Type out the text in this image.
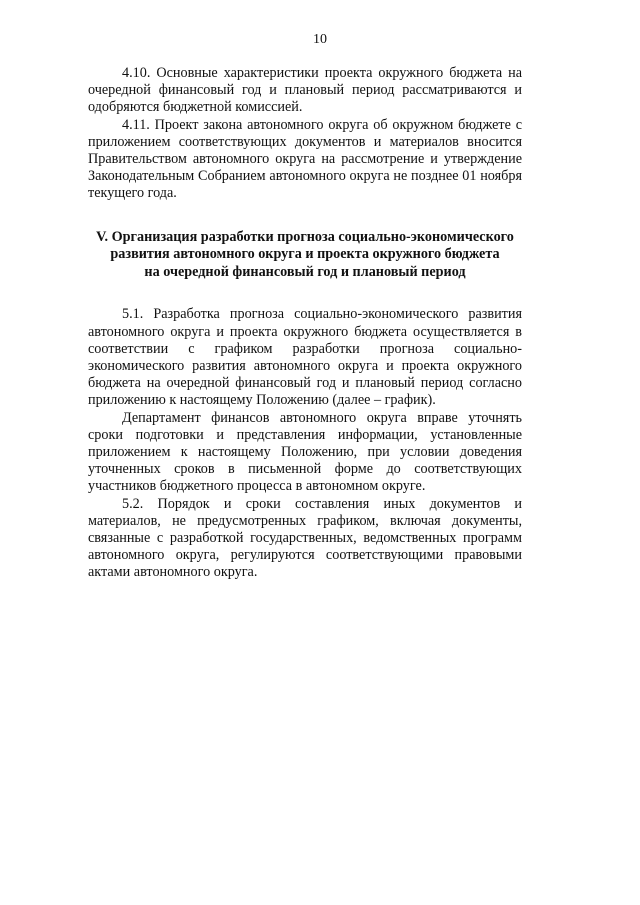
10

4.10. Основные характеристики проекта окружного бюджета на очередной финансовый год и плановый период рассматриваются и одобряются бюджетной комиссией.

4.11. Проект закона автономного округа об окружном бюджете с приложением соответствующих документов и материалов вносится Правительством автономного округа на рассмотрение и утверждение Законодательным Собранием автономного округа не позднее 01 ноября текущего года.

V. Организация разработки прогноза социально-экономического
развития автономного округа и проекта окружного бюджета
на очередной финансовый год и плановый период

5.1. Разработка прогноза социально-экономического развития автономного округа и проекта окружного бюджета осуществляется в соответствии с графиком разработки прогноза социально-экономического развития автономного округа и проекта окружного бюджета на очередной финансовый год и плановый период согласно приложению к настоящему Положению (далее – график).

Департамент финансов автономного округа вправе уточнять сроки подготовки и представления информации, установленные приложением к настоящему Положению, при условии доведения уточненных сроков в письменной форме до соответствующих участников бюджетного процесса в автономном округе.

5.2. Порядок и сроки составления иных документов и материалов, не предусмотренных графиком, включая документы, связанные с разработкой государственных, ведомственных программ автономного округа, регулируются соответствующими правовыми актами автономного округа.
